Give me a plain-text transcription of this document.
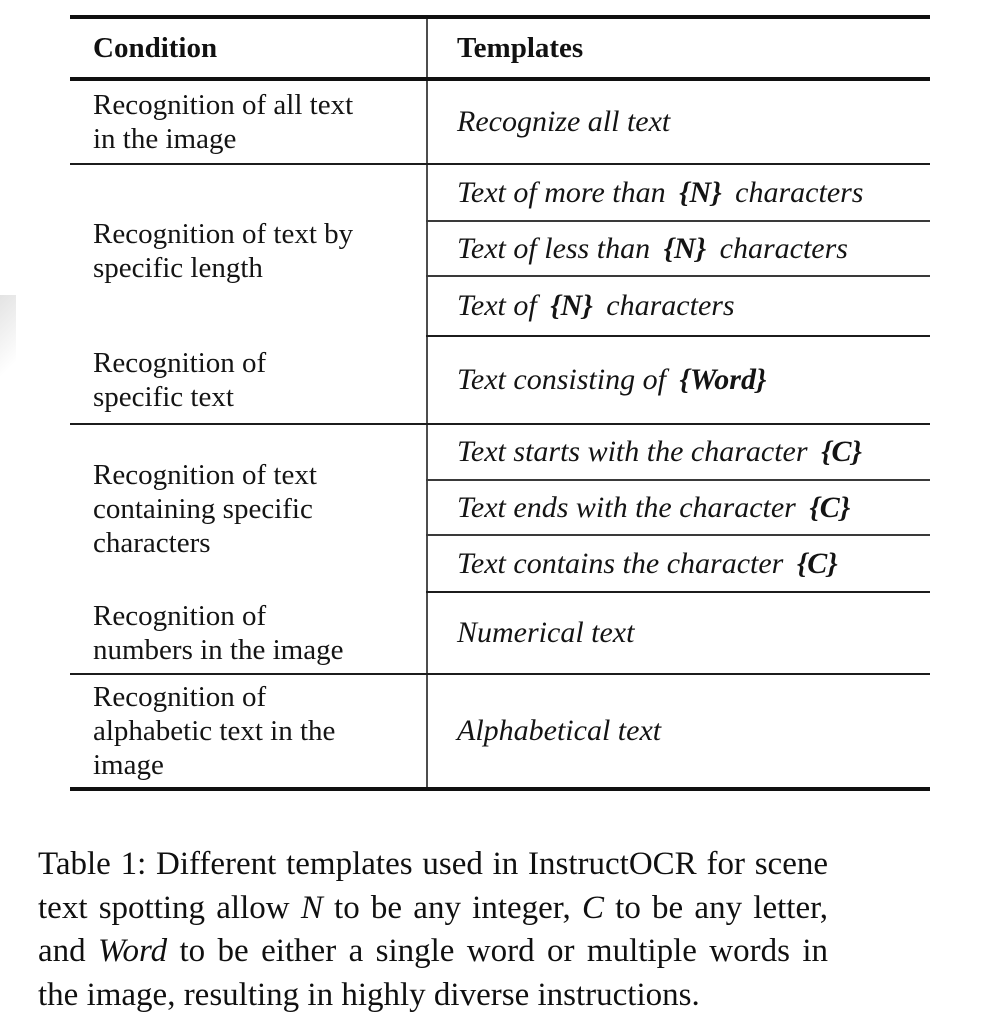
Condition	Templates
Recognition of all text in the image	Recognize all text
Recognition of text by specific length	Text of more than {N} characters
	Text of less than {N} characters
	Text of {N} characters
Recognition of specific text	Text consisting of {Word}
Recognition of text containing specific characters	Text starts with the character {C}
	Text ends with the character {C}
	Text contains the character {C}
Recognition of numbers in the image	Numerical text
Recognition of alphabetic text in the image	Alphabetical text

Table 1: Different templates used in InstructOCR for scene text spotting allow N to be any integer, C to be any letter, and Word to be either a single word or multiple words in the image, resulting in highly diverse instructions.
